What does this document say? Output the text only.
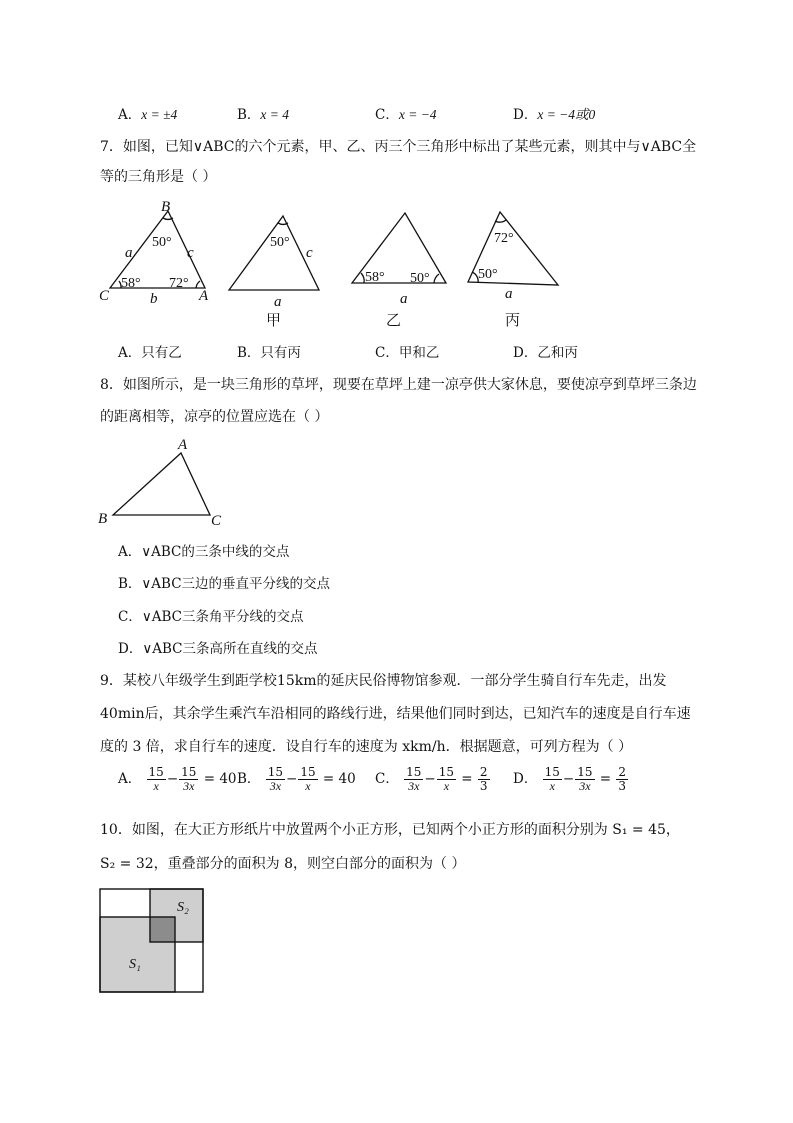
A．x = ±4	B．x = 4	C．x = −4	D．x = −4或0
7．如图，已知∨ABC的六个元素，甲、乙、丙三个三角形中标出了某些元素，则其中与∨ABC全
等的三角形是（ ）
B
C	A
a
b
c
50°
58° 72°
50°
c
a
甲
58° 50°
a
乙
72°
50°
a
丙
A．只有乙	B．只有丙	C．甲和乙	D．乙和丙
8．如图所示，是一块三角形的草坪，现要在草坪上建一凉亭供大家休息，要使凉亭到草坪三条边
的距离相等，凉亭的位置应选在（ ）
A
B	C
A．∨ABC的三条中线的交点
B．∨ABC三边的垂直平分线的交点
C．∨ABC三条角平分线的交点
D．∨ABC三条高所在直线的交点
9．某校八年级学生到距学校15km的延庆民俗博物馆参观．一部分学生骑自行车先走，出发
40min后，其余学生乘汽车沿相同的路线行进，结果他们同时到达，已知汽车的速度是自行车速
度的 3 倍，求自行车的速度．设自行车的速度为 xkm/h．根据题意，可列方程为（ ）
A． $\frac{15}{x} - \frac{15}{3x} = 40$ B． $\frac{15}{3x} - \frac{15}{x} = 40$ C． $\frac{15}{3x} - \frac{15}{x} = \frac{2}{3}$ D． $\frac{15}{x} - \frac{15}{3x} = \frac{2}{3}$
10．如图，在大正方形纸片中放置两个小正方形，已知两个小正方形的面积分别为 S₁ = 45，
S₂ = 32，重叠部分的面积为 8，则空白部分的面积为（ ）
S₂
S₁
